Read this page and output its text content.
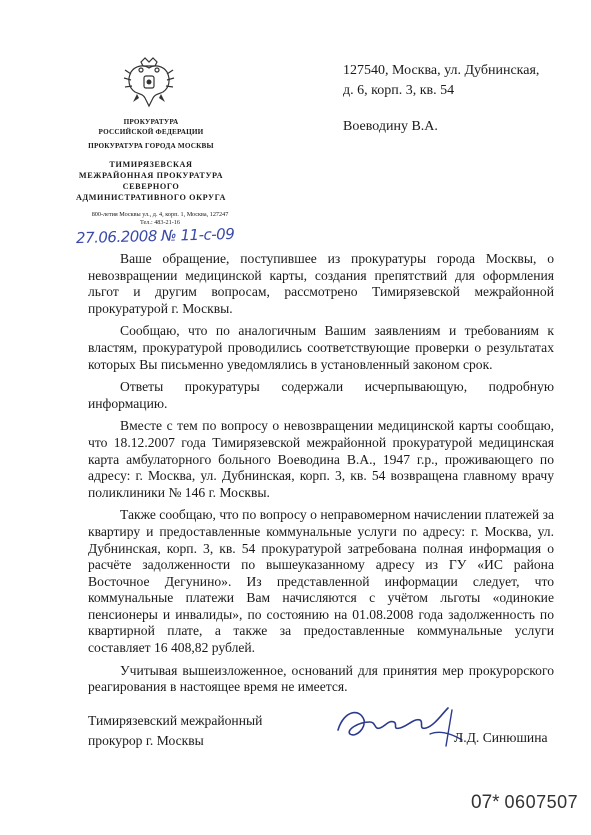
ПРОКУРАТУРА
РОССИЙСКОЙ ФЕДЕРАЦИИ
ПРОКУРАТУРА ГОРОДА МОСКВЫ
ТИМИРЯЗЕВСКАЯ
МЕЖРАЙОННАЯ ПРОКУРАТУРА
СЕВЕРНОГО
АДМИНИСТРАТИВНОГО ОКРУГА
800-летия Москвы ул., д. 4, корп. 1, Москва, 127247
Тел.: 483-21-16
27.06.2008 № 11-с-09
127540, Москва, ул. Дубнинская,
д. 6, корп. 3, кв. 54
Воеводину В.А.

Ваше обращение, поступившее из прокуратуры города Москвы, о невозвращении медицинской карты, создания препятствий для оформления льгот и другим вопросам, рассмотрено Тимирязевской межрайонной прокуратурой г. Москвы.

Сообщаю, что по аналогичным Вашим заявлениям и требованиям к властям, прокуратурой проводились соответствующие проверки о результатах которых Вы письменно уведомлялись в установленный законом срок.

Ответы прокуратуры содержали исчерпывающую, подробную информацию.

Вместе с тем по вопросу о невозвращении медицинской карты сообщаю, что 18.12.2007 года Тимирязевской межрайонной прокуратурой медицинская карта амбулаторного больного Воеводина В.А., 1947 г.р., проживающего по адресу: г. Москва, ул. Дубнинская, корп. 3, кв. 54 возвращена главному врачу поликлиники № 146 г. Москвы.

Также сообщаю, что по вопросу о неправомерном начислении платежей за квартиру и предоставленные коммунальные услуги по адресу: г. Москва, ул. Дубнинская, корп. 3, кв. 54 прокуратурой затребована полная информация о расчёте задолженности по вышеуказанному адресу из ГУ «ИС района Восточное Дегунино». Из представленной информации следует, что коммунальные платежи Вам начисляются с учётом льготы «одинокие пенсионеры и инвалиды», по состоянию на 01.08.2008 года задолженность по квартирной плате, а также за предоставленные коммунальные услуги составляет 16 408,82 рублей.

Учитывая вышеизложенное, оснований для принятия мер прокурорского реагирования в настоящее время не имеется.

Тимирязевский межрайонный
прокурор г. Москвы	Л.Д. Синюшина
07* 0607507
